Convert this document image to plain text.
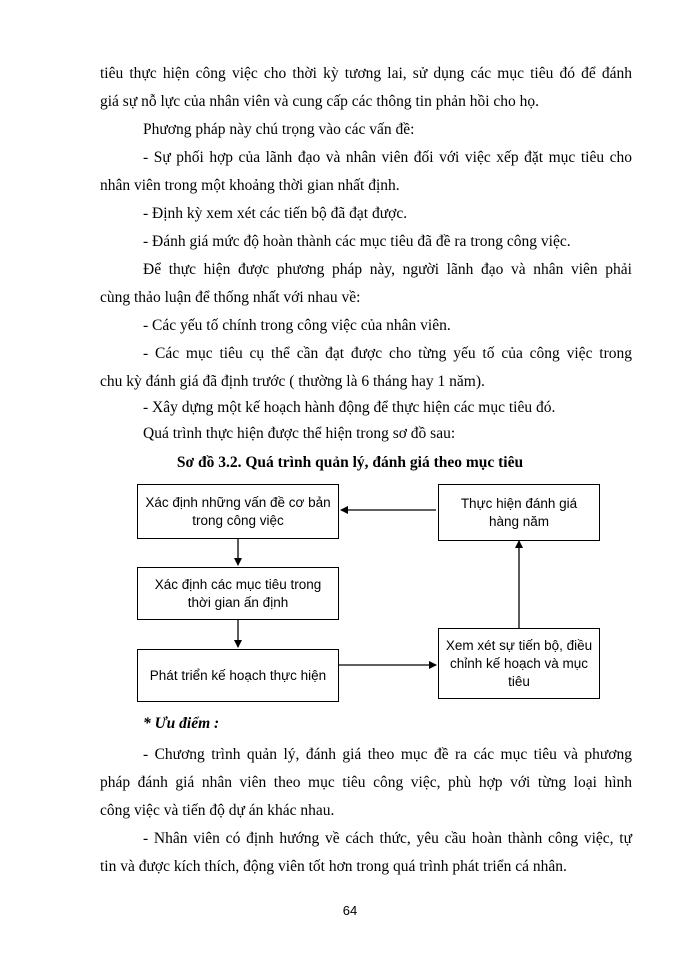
tiêu thực hiện công việc cho thời kỳ tương lai, sử dụng các mục tiêu đó để đánh
giá sự nỗ lực của nhân viên và cung cấp các thông tin phản hồi cho họ.
Phương pháp này chú trọng vào các vấn đề:
- Sự phối hợp của lãnh đạo và nhân viên đối với việc xếp đặt mục tiêu cho
nhân viên trong một khoảng thời gian nhất định.
- Định kỳ xem xét các tiến bộ đã đạt được.
- Đánh giá mức độ hoàn thành các mục tiêu đã đề ra trong công việc.
Để thực hiện được phương pháp này, người lãnh đạo và nhân viên phải
cùng thảo luận để thống nhất với nhau về:
- Các yếu tố chính trong công việc của nhân viên.
- Các mục tiêu cụ thể cần đạt được cho từng yếu tố của công việc trong
chu kỳ đánh giá đã định trước ( thường là 6 tháng hay 1 năm).
- Xây dựng một kế hoạch hành động để thực hiện các mục tiêu đó.
Quá trình thực hiện được thể hiện trong sơ đồ sau:
Sơ đồ 3.2. Quá trình quản lý, đánh giá theo mục tiêu
Xác định những vấn đề cơ bản trong công việc
Xác định các mục tiêu trong thời gian ấn định
Phát triển kế hoạch thực hiện
Xem xét sự tiến bộ, điều chỉnh kế hoạch và mục tiêu
Thực hiện đánh giá hàng năm
* Ưu điểm :
- Chương trình quản lý, đánh giá theo mục đề ra các mục tiêu và phương
pháp đánh giá nhân viên theo mục tiêu công việc, phù hợp với từng loại hình
công việc và tiến độ dự án khác nhau.
- Nhân viên có định hướng về cách thức, yêu cầu hoàn thành công việc, tự
tin và được kích thích, động viên tốt hơn trong quá trình phát triển cá nhân.
64
